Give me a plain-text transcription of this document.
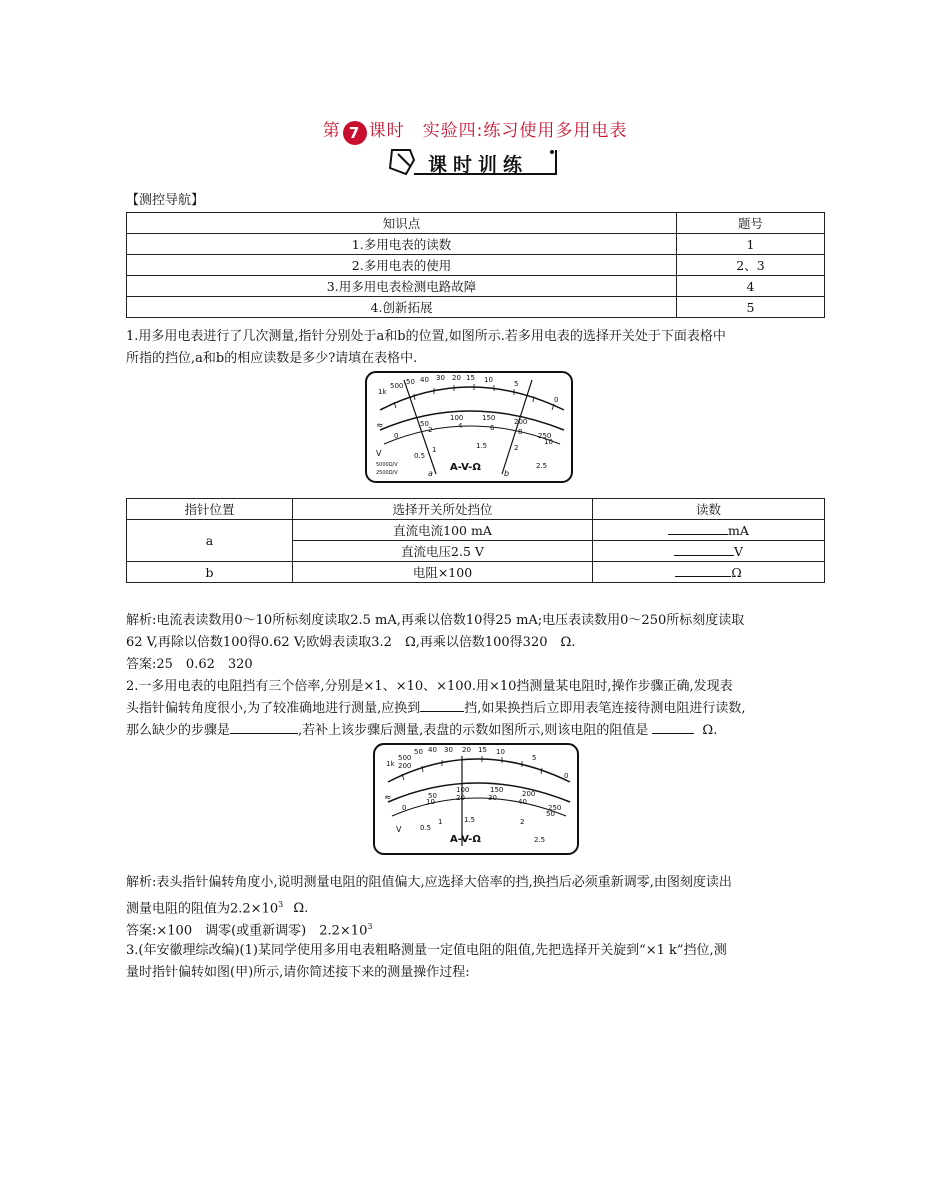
第 7 课时　实验四:练习使用多用电表
课时训练
【测控导航】
知识点	题号
1.多用电表的读数	1
2.多用电表的使用	2、3
3.用多用电表检测电路故障	4
4.创新拓展	5
1.用多用电表进行了几次测量,指针分别处于a和b的位置,如图所示.若多用电表的选择开关处于下面表格中
所指的挡位,a和b的相应读数是多少?请填在表格中.
1k
500 50 40 30 20 15 10	5
0
100	150	200
50
250
0
2	4	6	8
10
0.5
1	1.5	2
2.5
≈
V
5000Ω/V
2500Ω/V	A-V-Ω
a	b
指针位置	选择开关所处挡位	读数
a	直流电流100 mA	mA
	直流电压2.5 V	V
b	电阻×100	Ω
解析:电流表读数用0～10所标刻度读取2.5 mA,再乘以倍数10得25 mA;电压表读数用0～250所标刻度读取
62 V,再除以倍数100得0.62 V;欧姆表读取3.2　Ω,再乘以倍数100得320　Ω.
答案:25　0.62　320
2.一多用电表的电阻挡有三个倍率,分别是×1、×10、×100.用×10挡测量某电阻时,操作步骤正确,发现表
头指针偏转角度很小,为了较准确地进行测量,应换到	挡,如果换挡后立即用表笔连接待测电阻进行读数,
那么缺少的步骤是	,若补上该步骤后测量,表盘的示数如图所示,则该电阻的阻值是	Ω.
1k
500
200
50 40 30 20 15 10
5
0
100	150	200
50
250
0
10	20	30	40
50
0.5
1	1.5	2
2.5
≈
V
A-V-Ω
解析:表头指针偏转角度小,说明测量电阻的阻值偏大,应选择大倍率的挡,换挡后必须重新调零,由图刻度读出
测量电阻的阻值为$2.2\times 10^3$ Ω.
答案:×100　调零(或重新调零)　$2.2\times 10^3$
3.(年安徽理综改编)(1)某同学使用多用电表粗略测量一定值电阻的阻值,先把选择开关旋到“×1 k”挡位,测
量时指针偏转如图(甲)所示,请你简述接下来的测量操作过程:
